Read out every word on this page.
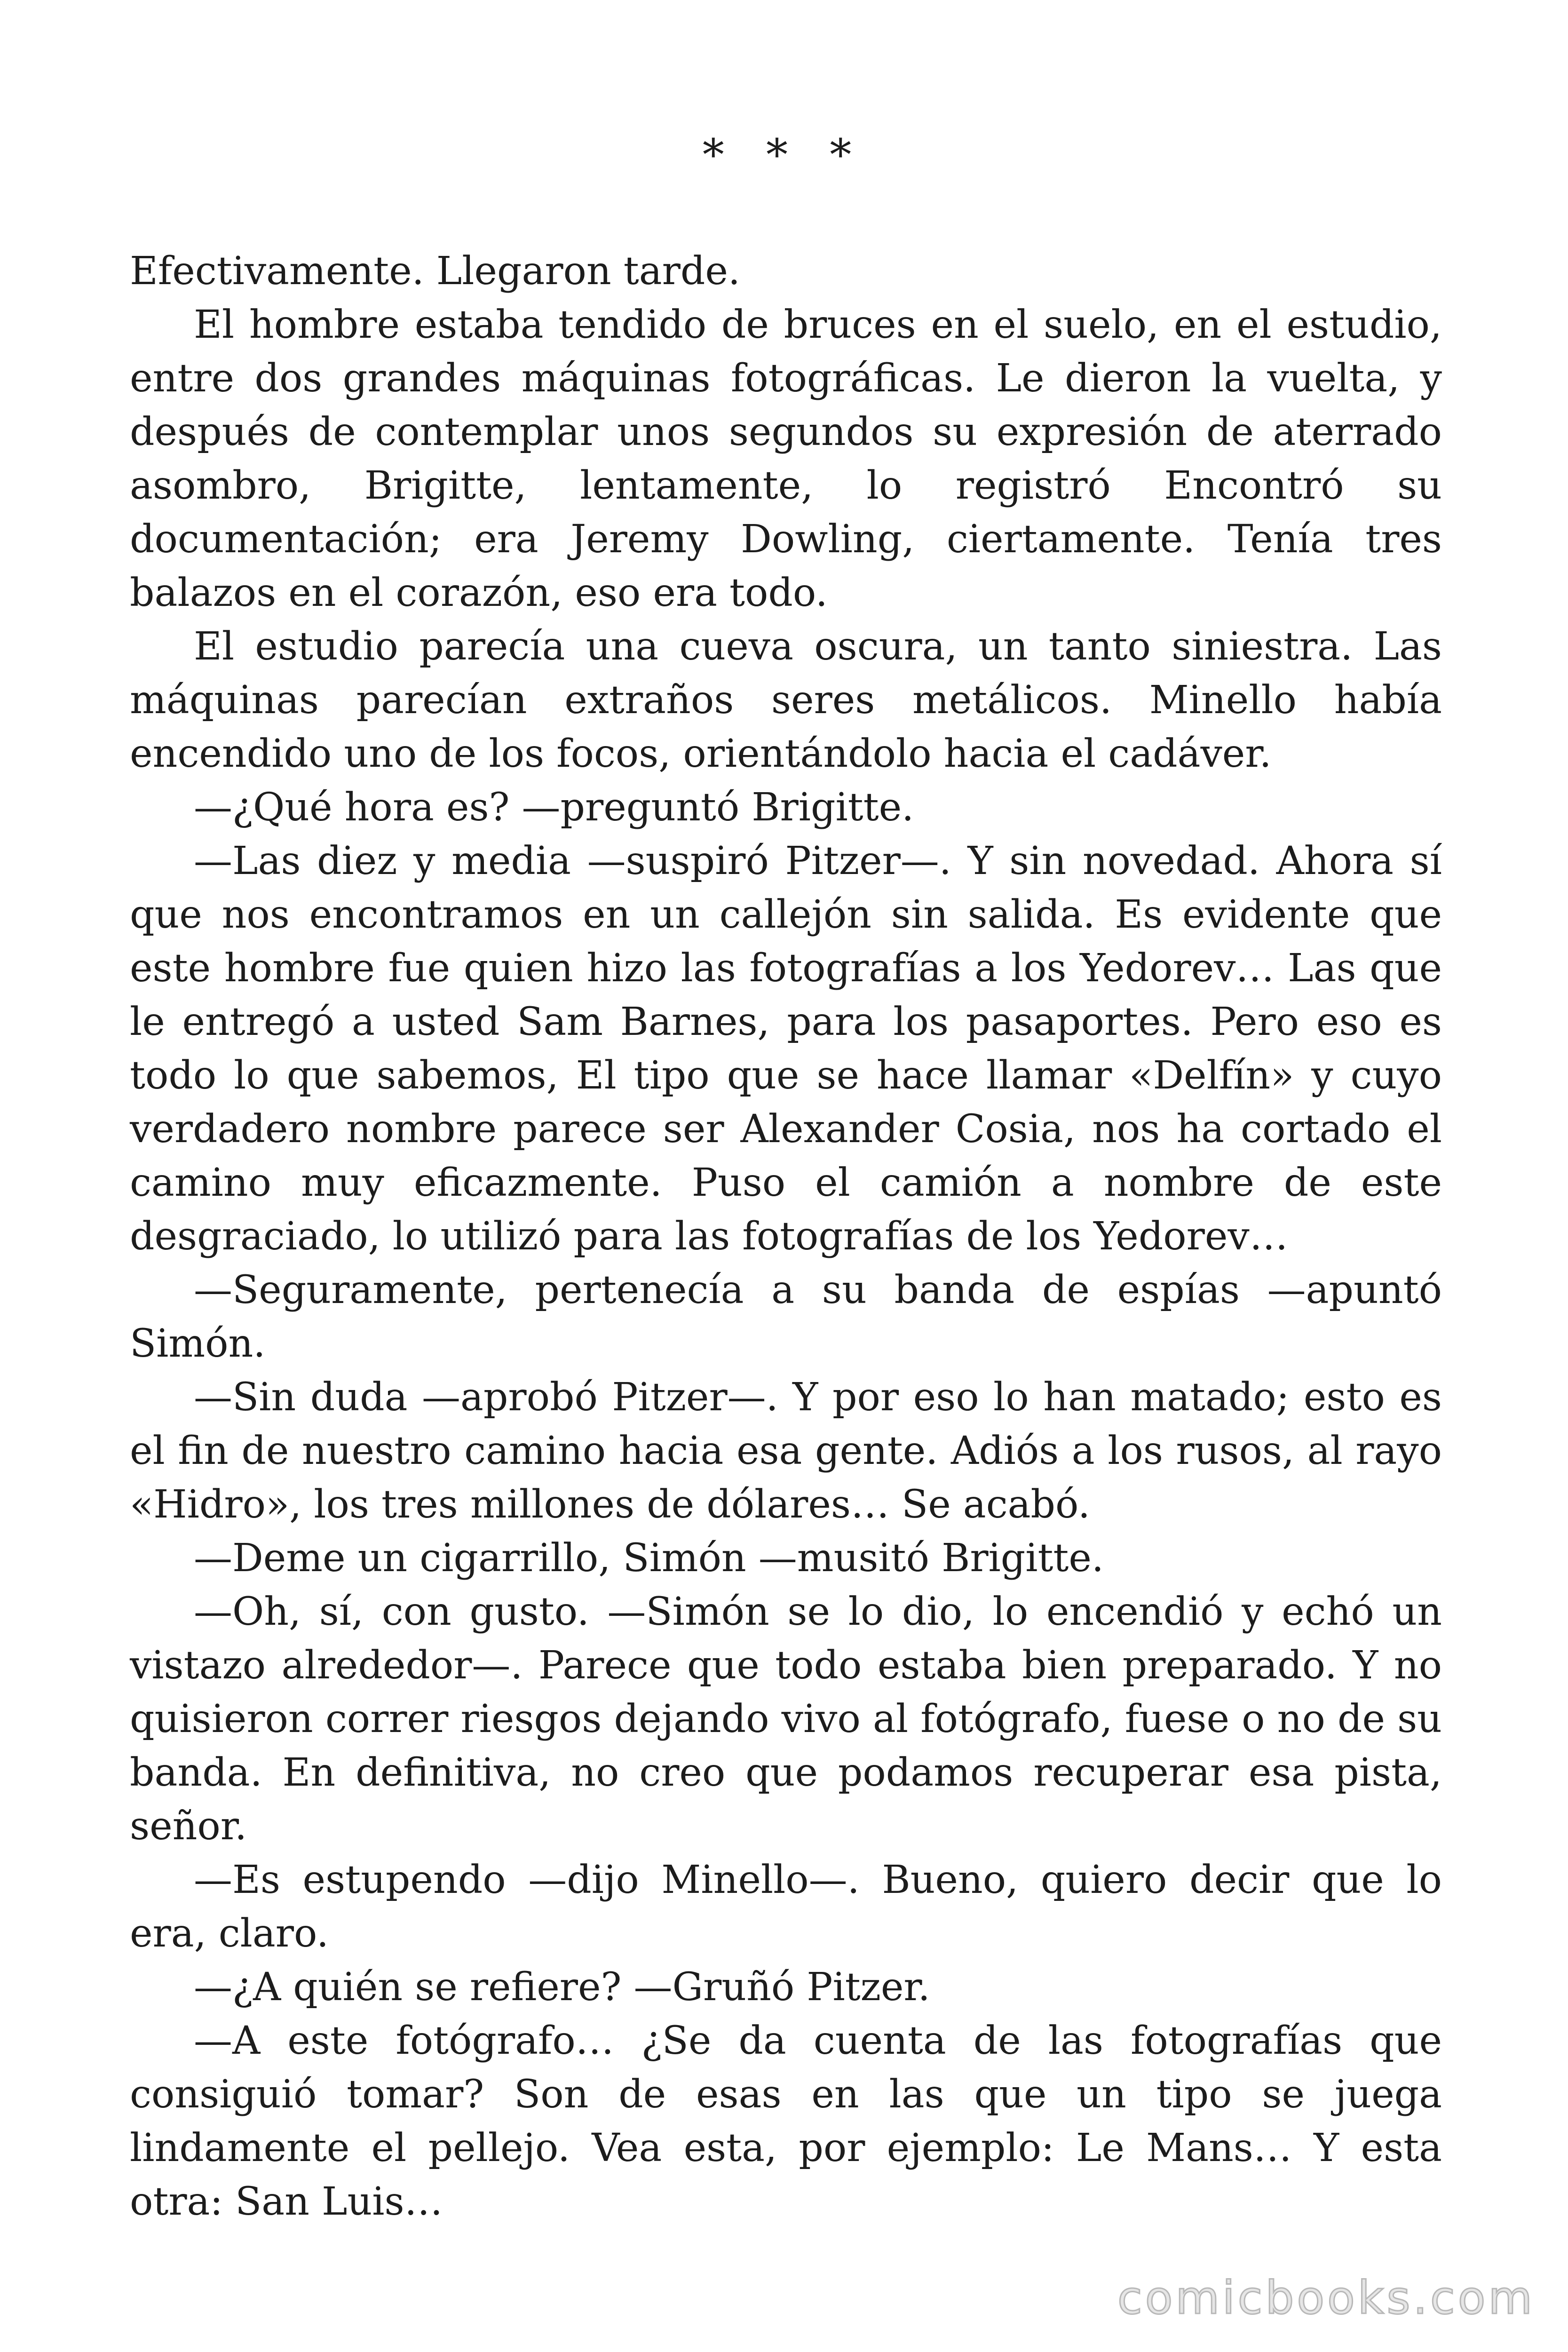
* * *

Efectivamente. Llegaron tarde.

El hombre estaba tendido de bruces en el suelo, en el estudio, entre dos grandes máquinas fotográficas. Le dieron la vuelta, y después de contemplar unos segundos su expresión de aterrado asombro, Brigitte, lentamente, lo registró Encontró su documentación; era Jeremy Dowling, ciertamente. Tenía tres balazos en el corazón, eso era todo.

El estudio parecía una cueva oscura, un tanto siniestra. Las máquinas parecían extraños seres metálicos. Minello había encendido uno de los focos, orientándolo hacia el cadáver.

—¿Qué hora es? —preguntó Brigitte.

—Las diez y media —suspiró Pitzer—. Y sin novedad. Ahora sí que nos encontramos en un callejón sin salida. Es evidente que este hombre fue quien hizo las fotografías a los Yedorev… Las que le entregó a usted Sam Barnes, para los pasaportes. Pero eso es todo lo que sabemos, El tipo que se hace llamar «Delfín» y cuyo verdadero nombre parece ser Alexander Cosia, nos ha cortado el camino muy eficazmente. Puso el camión a nombre de este desgraciado, lo utilizó para las fotografías de los Yedorev…

—Seguramente, pertenecía a su banda de espías —apuntó Simón.

—Sin duda —aprobó Pitzer—. Y por eso lo han matado; esto es el fin de nuestro camino hacia esa gente. Adiós a los rusos, al rayo «Hidro», los tres millones de dólares… Se acabó.

—Deme un cigarrillo, Simón —musitó Brigitte.

—Oh, sí, con gusto. —Simón se lo dio, lo encendió y echó un vistazo alrededor—. Parece que todo estaba bien preparado. Y no quisieron correr riesgos dejando vivo al fotógrafo, fuese o no de su banda. En definitiva, no creo que podamos recuperar esa pista, señor.

—Es estupendo —dijo Minello—. Bueno, quiero decir que lo era, claro.

—¿A quién se refiere? —Gruñó Pitzer.

—A este fotógrafo… ¿Se da cuenta de las fotografías que consiguió tomar? Son de esas en las que un tipo se juega lindamente el pellejo. Vea esta, por ejemplo: Le Mans… Y esta otra: San Luis…

comicbooks.com
